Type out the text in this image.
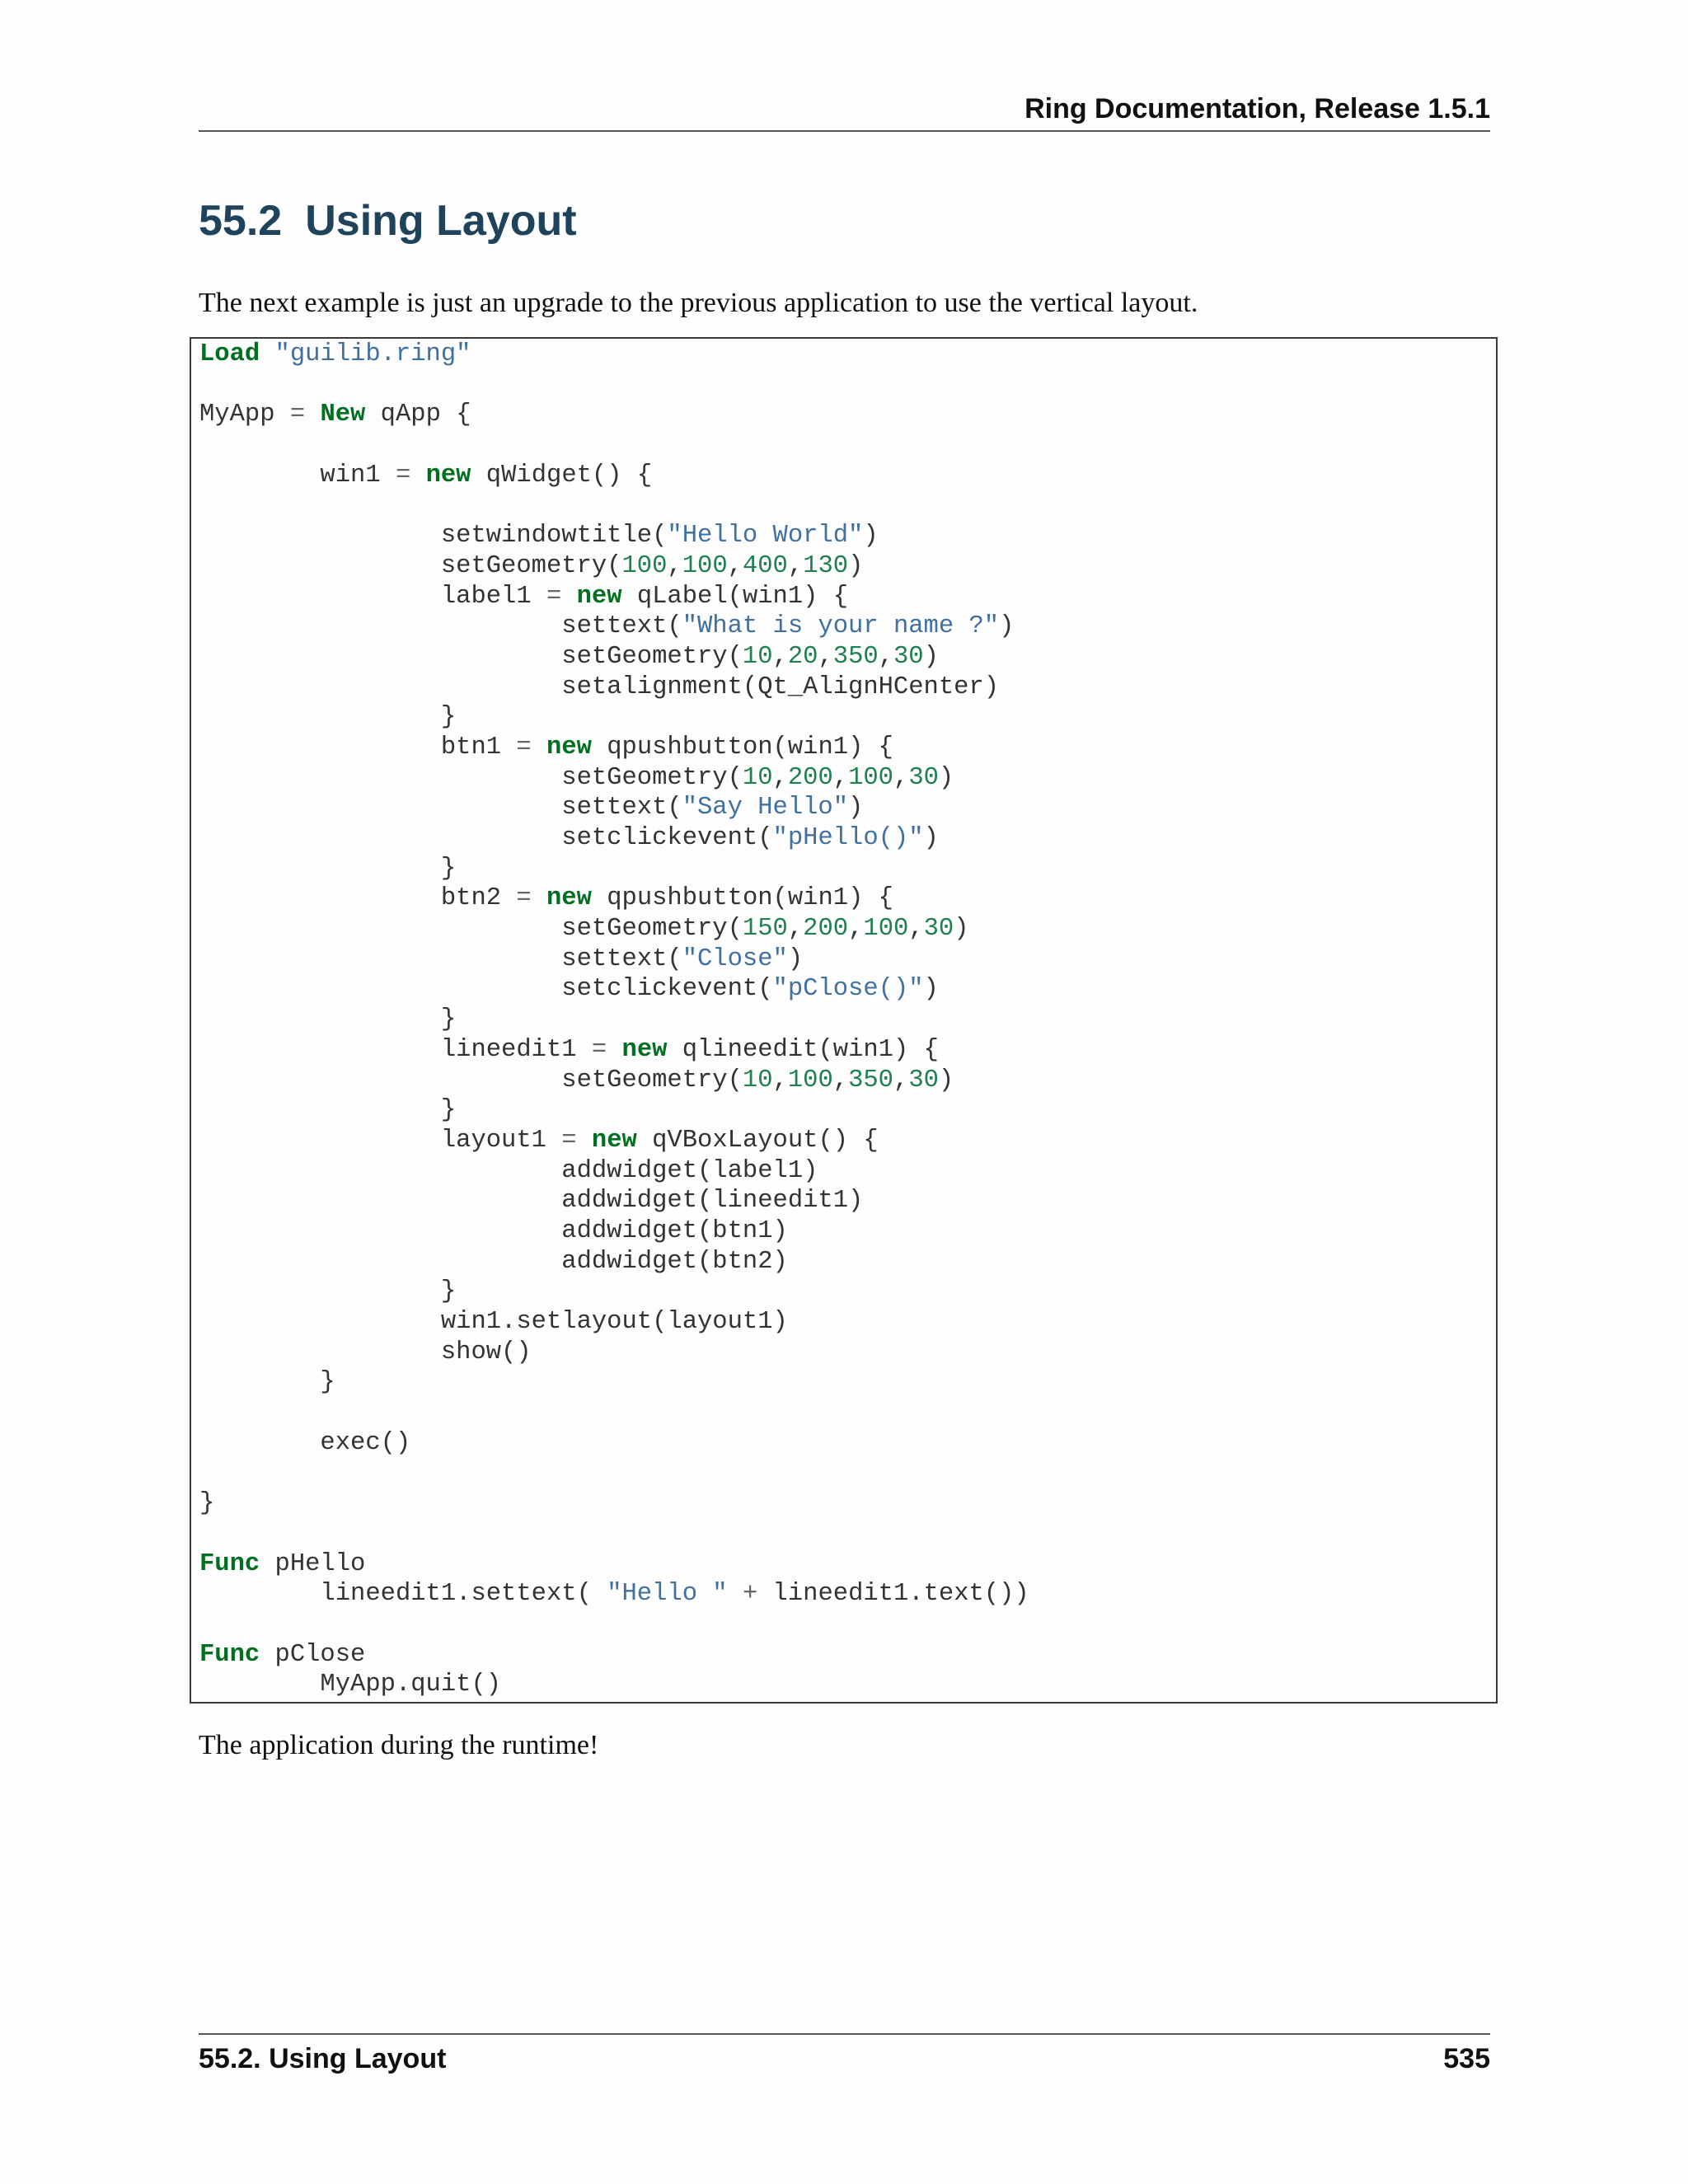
Ring Documentation, Release 1.5.1
55.2 Using Layout

The next example is just an upgrade to the previous application to use the vertical layout.

Load "guilib.ring"
MyApp = New qApp {
win1 = new qWidget() {
setwindowtitle("Hello World")
setGeometry(100,100,400,130)
label1 = new qLabel(win1) {
settext("What is your name ?")
setGeometry(10,20,350,30)
setalignment(Qt_AlignHCenter)
}
btn1 = new qpushbutton(win1) {
setGeometry(10,200,100,30)
settext("Say Hello")
setclickevent("pHello()")
}
btn2 = new qpushbutton(win1) {
setGeometry(150,200,100,30)
settext("Close")
setclickevent("pClose()")
}
lineedit1 = new qlineedit(win1) {
setGeometry(10,100,350,30)
}
layout1 = new qVBoxLayout() {
addwidget(label1)
addwidget(lineedit1)
addwidget(btn1)
addwidget(btn2)
}
win1.setlayout(layout1)
show()
}
exec()
}
Func pHello
lineedit1.settext( "Hello " + lineedit1.text())
Func pClose
MyApp.quit()

The application during the runtime!

55.2. Using Layout	535
